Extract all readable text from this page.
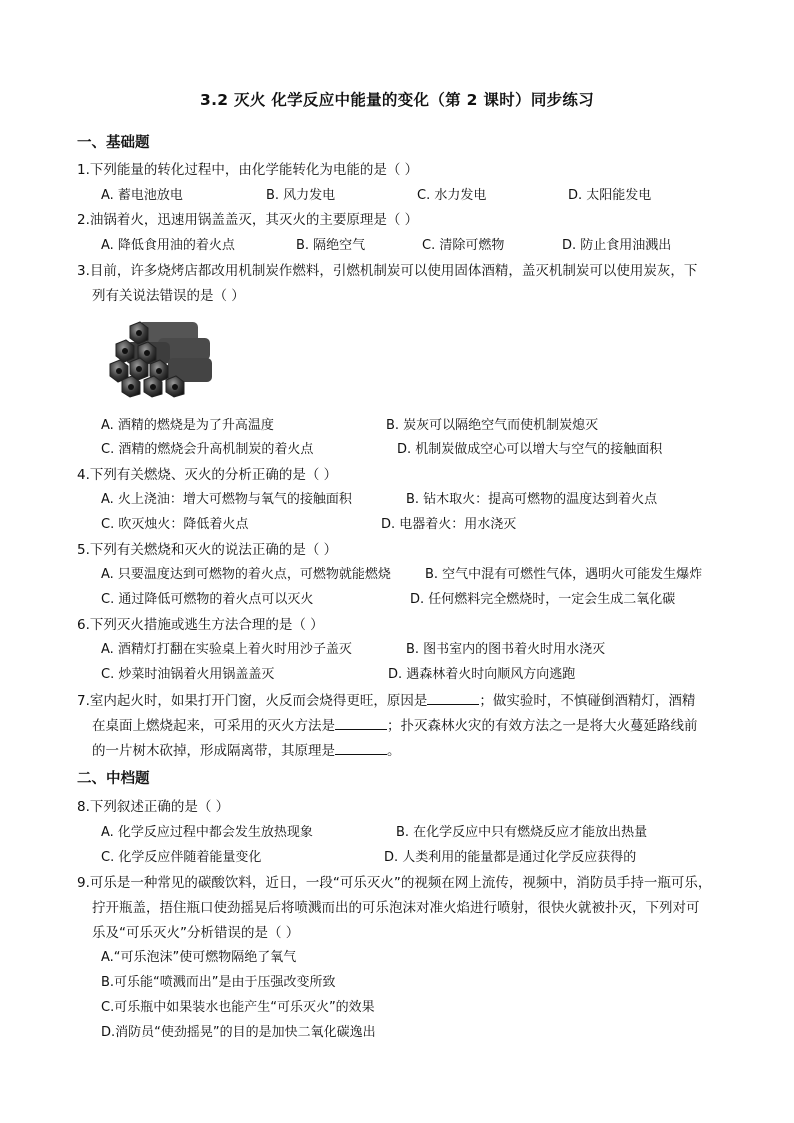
3.2 灭火 化学反应中能量的变化（第 2 课时）同步练习
一、基础题
1.下列能量的转化过程中，由化学能转化为电能的是（ ）
A. 蓄电池放电	B. 风力发电	C. 水力发电	D. 太阳能发电
2.油锅着火，迅速用锅盖盖灭，其灭火的主要原理是（ ）
A. 降低食用油的着火点	B. 隔绝空气	C. 清除可燃物	D. 防止食用油溅出
3.目前，许多烧烤店都改用机制炭作燃料，引燃机制炭可以使用固体酒精，盖灭机制炭可以使用炭灰，下
列有关说法错误的是（ ）
A. 酒精的燃烧是为了升高温度	B. 炭灰可以隔绝空气而使机制炭熄灭
C. 酒精的燃烧会升高机制炭的着火点	D. 机制炭做成空心可以增大与空气的接触面积
4.下列有关燃烧、灭火的分析正确的是（ ）
A. 火上浇油：增大可燃物与氧气的接触面积	B. 钻木取火：提高可燃物的温度达到着火点
C. 吹灭烛火：降低着火点	D. 电器着火：用水浇灭
5.下列有关燃烧和灭火的说法正确的是（ ）
A. 只要温度达到可燃物的着火点，可燃物就能燃烧	B. 空气中混有可燃性气体，遇明火可能发生爆炸
C. 通过降低可燃物的着火点可以灭火	D. 任何燃料完全燃烧时，一定会生成二氧化碳
6.下列灭火措施或逃生方法合理的是（ ）
A. 酒精灯打翻在实验桌上着火时用沙子盖灭	B. 图书室内的图书着火时用水浇灭
C. 炒菜时油锅着火用锅盖盖灭	D. 遇森林着火时向顺风方向逃跑
7.室内起火时，如果打开门窗，火反而会烧得更旺，原因是	；做实验时，不慎碰倒酒精灯，酒精
在桌面上燃烧起来，可采用的灭火方法是	；扑灭森林火灾的有效方法之一是将大火蔓延路线前
的一片树木砍掉，形成隔离带，其原理是	。
二、中档题
8.下列叙述正确的是（ ）
A. 化学反应过程中都会发生放热现象	B. 在化学反应中只有燃烧反应才能放出热量
C. 化学反应伴随着能量变化	D. 人类利用的能量都是通过化学反应获得的
9.可乐是一种常见的碳酸饮料，近日，一段“可乐灭火”的视频在网上流传，视频中，消防员手持一瓶可乐，
拧开瓶盖，捂住瓶口使劲摇晃后将喷溅而出的可乐泡沫对准火焰进行喷射，很快火就被扑灭，下列对可
乐及“可乐灭火”分析错误的是（ ）
A.“可乐泡沫”使可燃物隔绝了氧气
B.可乐能“喷溅而出”是由于压强改变所致
C.可乐瓶中如果装水也能产生“可乐灭火”的效果
D.消防员“使劲摇晃”的目的是加快二氧化碳逸出
